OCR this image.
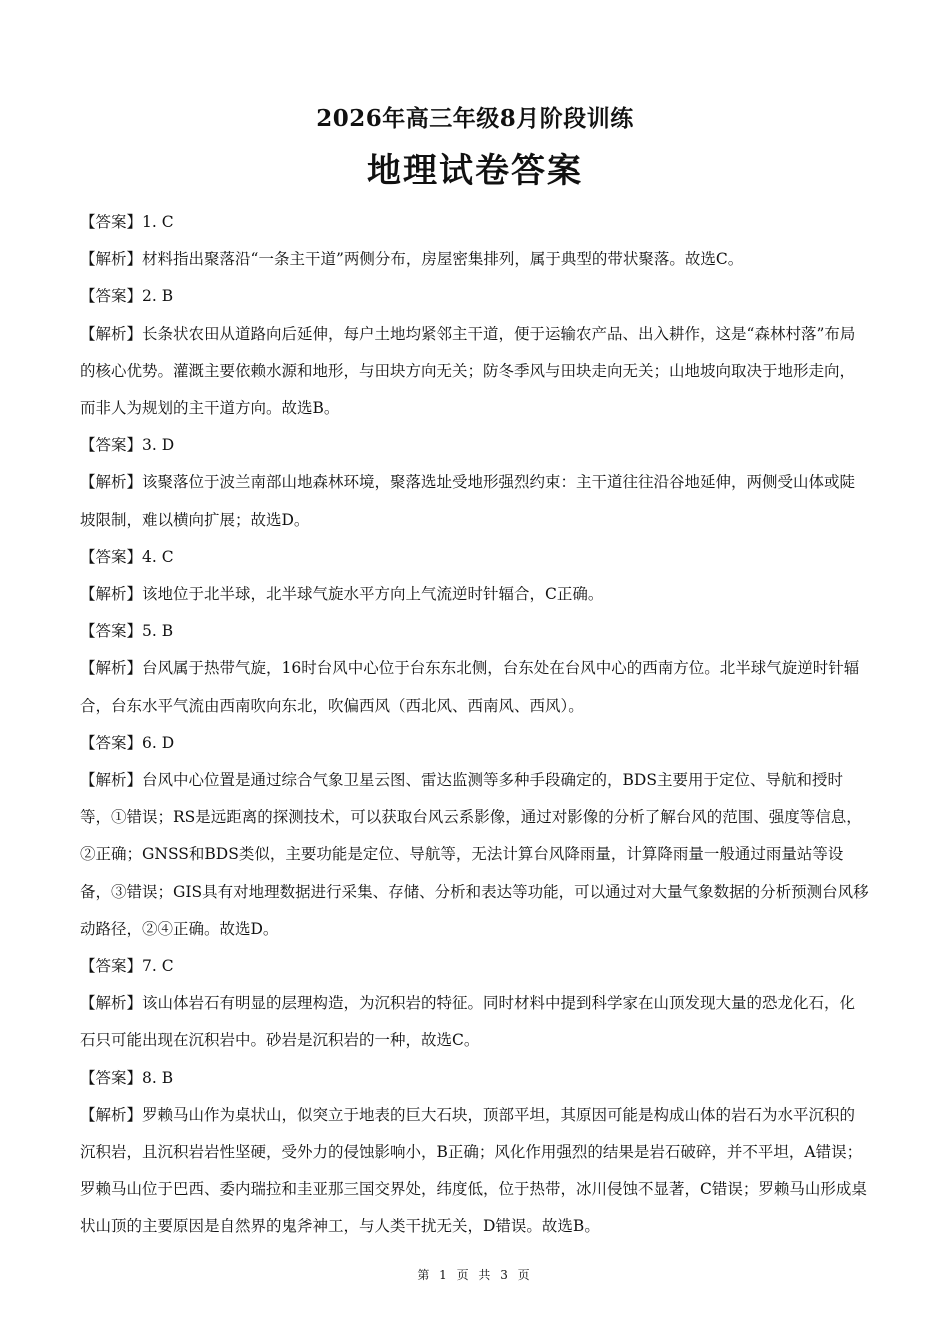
2026年高三年级8月阶段训练
地理试卷答案

【答案】1. C

【解析】材料指出聚落沿“一条主干道”两侧分布，房屋密集排列，属于典型的带状聚落。故选C。

【答案】2. B

【解析】长条状农田从道路向后延伸，每户土地均紧邻主干道，便于运输农产品、出入耕作，这是“森林村落”布局的核心优势。灌溉主要依赖水源和地形，与田块方向无关；防冬季风与田块走向无关；山地坡向取决于地形走向，而非人为规划的主干道方向。故选B。

【答案】3. D

【解析】该聚落位于波兰南部山地森林环境，聚落选址受地形强烈约束：主干道往往沿谷地延伸，两侧受山体或陡坡限制，难以横向扩展；故选D。

【答案】4. C

【解析】该地位于北半球，北半球气旋水平方向上气流逆时针辐合，C正确。

【答案】5. B

【解析】台风属于热带气旋，16时台风中心位于台东东北侧，台东处在台风中心的西南方位。北半球气旋逆时针辐合，台东水平气流由西南吹向东北，吹偏西风（西北风、西南风、西风）。

【答案】6. D

【解析】台风中心位置是通过综合气象卫星云图、雷达监测等多种手段确定的，BDS主要用于定位、导航和授时等，①错误；RS是远距离的探测技术，可以获取台风云系影像，通过对影像的分析了解台风的范围、强度等信息，②正确；GNSS和BDS类似，主要功能是定位、导航等，无法计算台风降雨量，计算降雨量一般通过雨量站等设备，③错误；GIS具有对地理数据进行采集、存储、分析和表达等功能，可以通过对大量气象数据的分析预测台风移动路径，②④正确。故选D。

【答案】7. C

【解析】该山体岩石有明显的层理构造，为沉积岩的特征。同时材料中提到科学家在山顶发现大量的恐龙化石，化石只可能出现在沉积岩中。砂岩是沉积岩的一种，故选C。

【答案】8. B

【解析】罗赖马山作为桌状山，似突立于地表的巨大石块，顶部平坦，其原因可能是构成山体的岩石为水平沉积的沉积岩，且沉积岩岩性坚硬，受外力的侵蚀影响小，B正确；风化作用强烈的结果是岩石破碎，并不平坦，A错误；罗赖马山位于巴西、委内瑞拉和圭亚那三国交界处，纬度低，位于热带，冰川侵蚀不显著，C错误；罗赖马山形成桌状山顶的主要原因是自然界的鬼斧神工，与人类干扰无关，D错误。故选B。

第 1 页 共 3 页
